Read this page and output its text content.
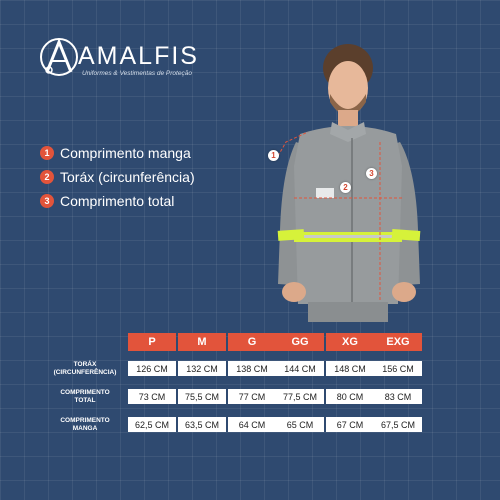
AMALFIS
Uniformes & Vestimentas de Proteção
1 Comprimento manga
2 Toráx (circunferência)
3 Comprimento total
1
2
3
P	M	G	GG	XG	EXG
TORÁX
(CIRCUNFERÊNCIA)	126 CM	132 CM	138 CM	144 CM	148 CM	156 CM
COMPRIMENTO
TOTAL	73 CM	75,5 CM	77 CM	77,5 CM	80 CM	83 CM
COMPRIMENTO
MANGA	62,5 CM	63,5 CM	64 CM	65 CM	67 CM	67,5 CM
